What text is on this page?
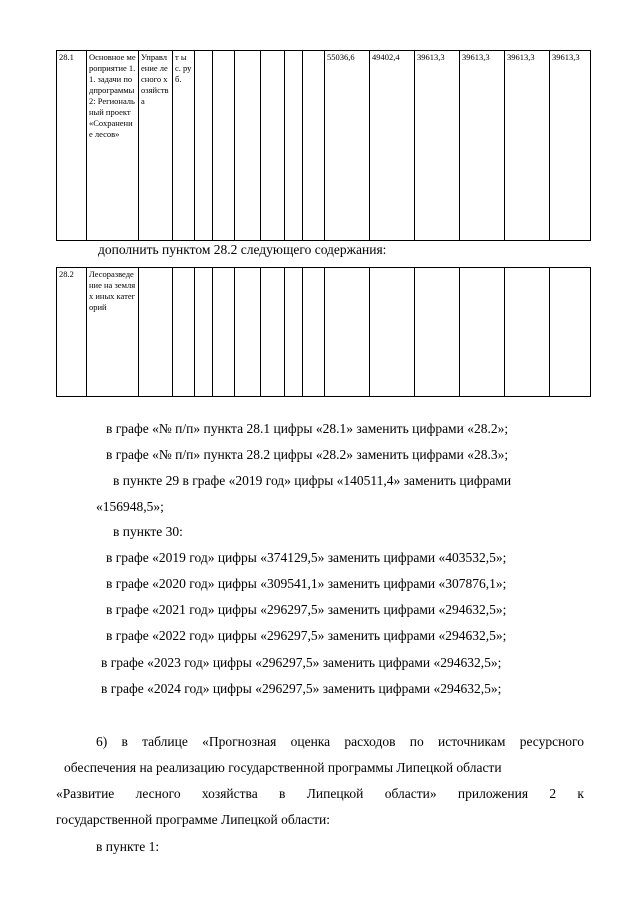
28.1	Основное мероприятие 1.1. задачи подпрограммы 2: Региональный проект «Сохранение лесов»	Управление лесного хозяйства	т ы с. ру б.							55036,6	49402,4	39613,3	39613,3	39613,3	39613,3
дополнить пунктом 28.2 следующего содержания:
28.2	Лесоразведение на землях иных категорий														
в графе «№ п/п» пункта 28.1 цифры «28.1» заменить цифрами «28.2»;
в графе «№ п/п» пункта 28.2 цифры «28.2» заменить цифрами «28.3»;
в пункте 29 в графе «2019 год» цифры «140511,4» заменить цифрами
«156948,5»;
в пункте 30:
в графе «2019 год» цифры «374129,5» заменить цифрами «403532,5»;
в графе «2020 год» цифры «309541,1» заменить цифрами «307876,1»;
в графе «2021 год» цифры «296297,5» заменить цифрами «294632,5»;
в графе «2022 год» цифры «296297,5» заменить цифрами «294632,5»;
в графе «2023 год» цифры «296297,5» заменить цифрами «294632,5»;
в графе «2024 год» цифры «296297,5» заменить цифрами «294632,5»;
6) в таблице «Прогнозная оценка расходов по источникам ресурсного
обеспечения на реализацию государственной программы Липецкой области
«Развитие лесного хозяйства в Липецкой области» приложения 2 к
государственной программе Липецкой области:
в пункте 1:
